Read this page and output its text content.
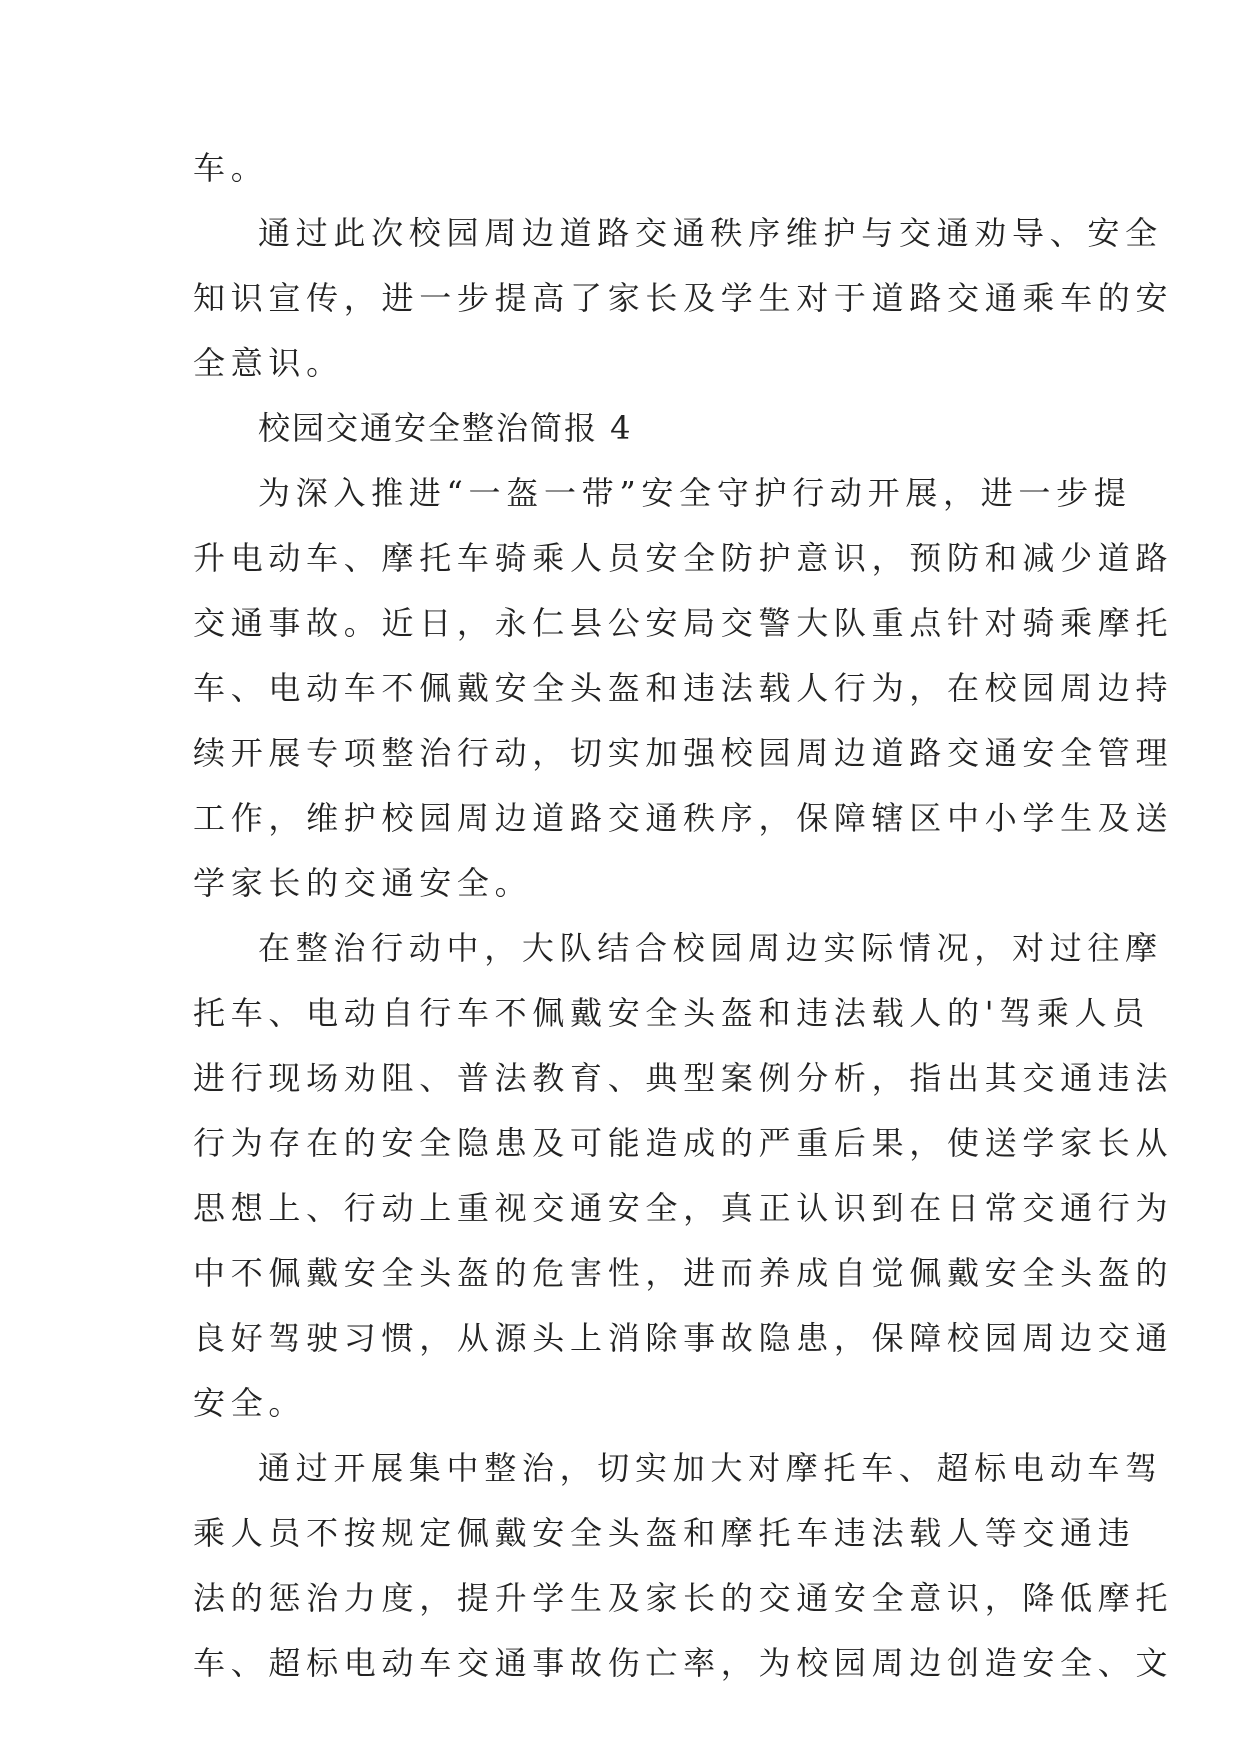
车。
通过此次校园周边道路交通秩序维护与交通劝导、安全
知识宣传，进一步提高了家长及学生对于道路交通乘车的安
全意识。
校园交通安全整治简报 4
为深入推进“一盔一带”安全守护行动开展，进一步提
升电动车、摩托车骑乘人员安全防护意识，预防和减少道路
交通事故。近日，永仁县公安局交警大队重点针对骑乘摩托
车、电动车不佩戴安全头盔和违法载人行为，在校园周边持
续开展专项整治行动，切实加强校园周边道路交通安全管理
工作，维护校园周边道路交通秩序，保障辖区中小学生及送
学家长的交通安全。
在整治行动中，大队结合校园周边实际情况，对过往摩
托车、电动自行车不佩戴安全头盔和违法载人的'驾乘人员
进行现场劝阻、普法教育、典型案例分析，指出其交通违法
行为存在的安全隐患及可能造成的严重后果，使送学家长从
思想上、行动上重视交通安全，真正认识到在日常交通行为
中不佩戴安全头盔的危害性，进而养成自觉佩戴安全头盔的
良好驾驶习惯，从源头上消除事故隐患，保障校园周边交通
安全。
通过开展集中整治，切实加大对摩托车、超标电动车驾
乘人员不按规定佩戴安全头盔和摩托车违法载人等交通违
法的惩治力度，提升学生及家长的交通安全意识，降低摩托
车、超标电动车交通事故伤亡率，为校园周边创造安全、文
